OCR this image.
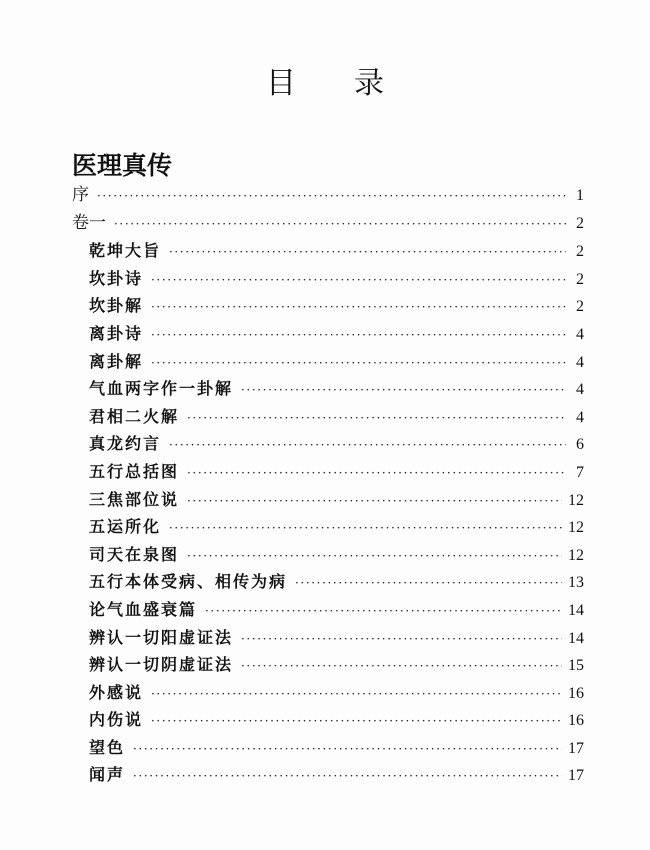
目 录
医理真传
序 ·····	1
卷一 ·····	2
乾坤大旨 ·····	2
坎卦诗 ·····	2
坎卦解 ·····	2
离卦诗 ·····	4
离卦解 ·····	4
气血两字作一卦解 ·····	4
君相二火解 ·····	4
真龙约言 ·····	6
五行总括图 ·····	7
三焦部位说 ·····	12
五运所化 ·····	12
司天在泉图 ·····	12
五行本体受病、相传为病 ·····	13
论气血盛衰篇 ·····	14
辨认一切阳虚证法 ·····	14
辨认一切阴虚证法 ·····	15
外感说 ·····	16
内伤说 ·····	16
望色 ·····	17
闻声 ·····	17
